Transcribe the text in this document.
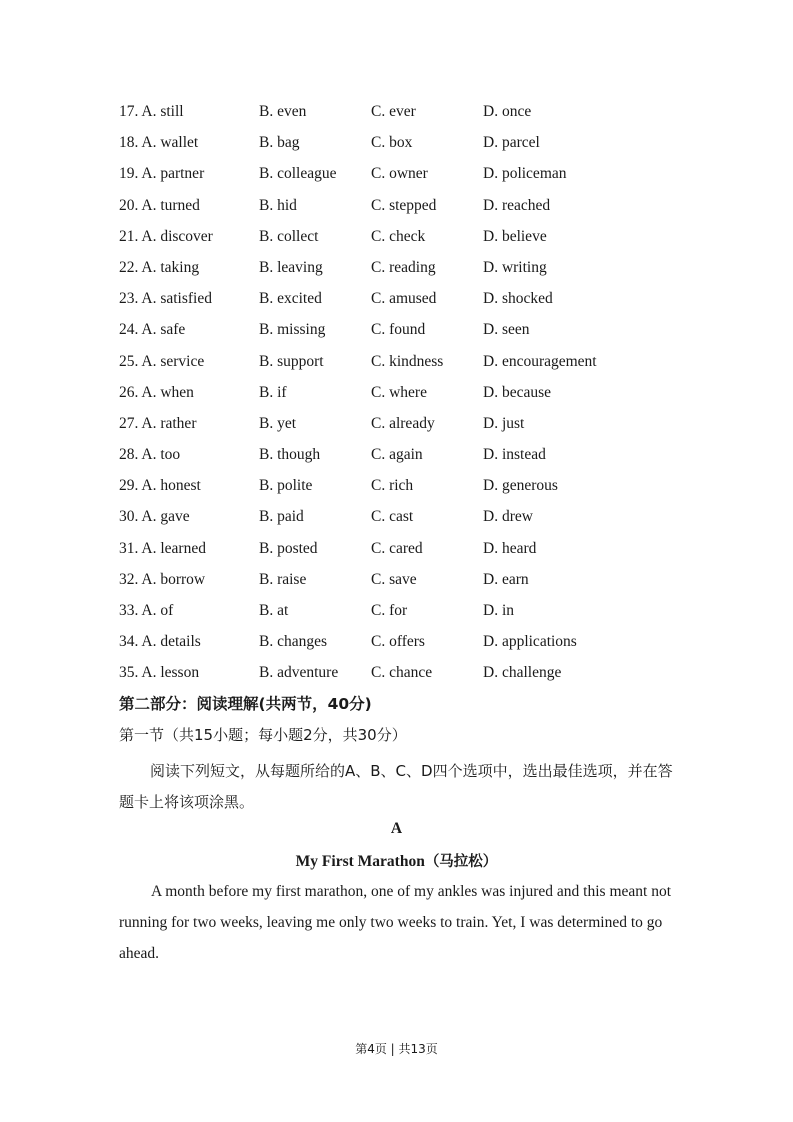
17. A. still	B. even	C. ever	D. once
18. A. wallet	B. bag	C. box	D. parcel
19. A. partner	B. colleague C. owner	D. policeman
20. A. turned	B. hid	C. stepped	D. reached
21. A. discover	B. collect	C. check	D. believe
22. A. taking	B. leaving	C. reading	D. writing
23. A. satisfied	B. excited	C. amused	D. shocked
24. A. safe	B. missing	C. found	D. seen
25. A. service	B. support	C. kindness	D. encouragement
26. A. when	B. if	C. where	D. because
27. A. rather	B. yet	C. already	D. just
28. A. too	B. though	C. again	D. instead
29. A. honest	B. polite	C. rich	D. generous
30. A. gave	B. paid	C. cast	D. drew
31. A. learned	B. posted	C. cared	D. heard
32. A. borrow	B. raise	C. save	D. earn
33. A. of	B. at	C. for	D. in
34. A. details	B. changes	C. offers	D. applications
35. A. lesson	B. adventure C. chance	D. challenge
第二部分：阅读理解(共两节，40分)
第一节（共15小题；每小题2分，共30分）
阅读下列短文，从每题所给的A、B、C、D四个选项中，选出最佳选项，并在答题卡上将该项涂黑。
A
My First Marathon（马拉松）
A month before my first marathon, one of my ankles was injured and this meant not running for two weeks, leaving me only two weeks to train. Yet, I was determined to go ahead.
第4页 | 共13页
